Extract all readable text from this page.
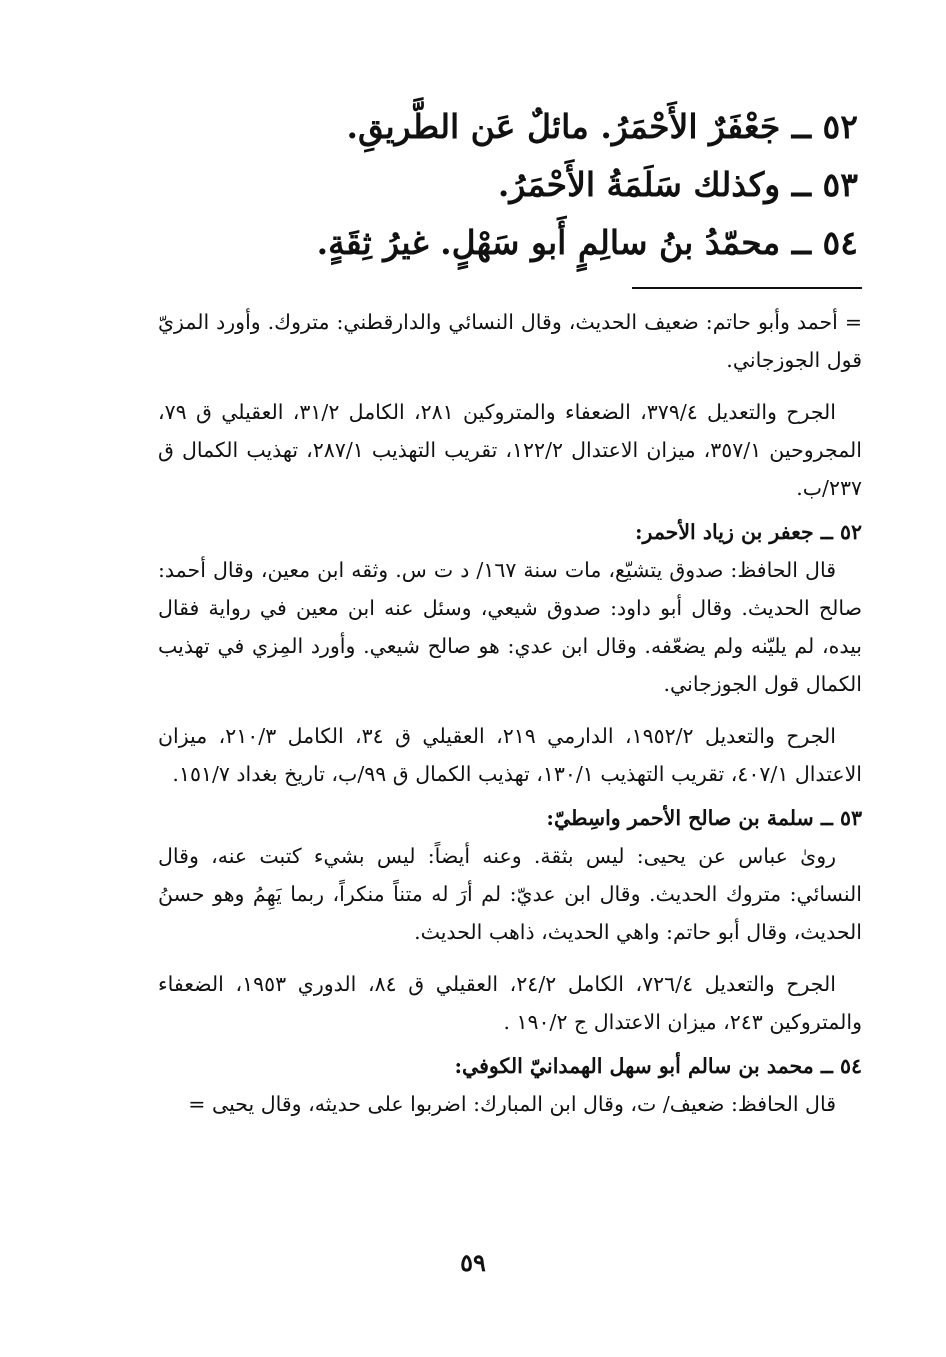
٥٢ ــ جَعْفَرٌ الأَحْمَرُ. مائلٌ عَن الطَّريقِ.
٥٣ ــ وكذلك سَلَمَةُ الأَحْمَرُ.
٥٤ ــ محمّدُ بنُ سالِمٍ أَبو سَهْلٍ. غيرُ ثِقَةٍ.

= أحمد وأبو حاتم: ضعيف الحديث، وقال النسائي والدارقطني: متروك. وأورد المزيّ قول الجوزجاني.

الجرح والتعديل ٣٧٩/٤، الضعفاء والمتروكين ٢٨١، الكامل ٣١/٢، العقيلي ق ٧٩، المجروحين ٣٥٧/١، ميزان الاعتدال ١٢٢/٢، تقريب التهذيب ٢٨٧/١، تهذيب الكمال ق ٢٣٧/ب.

٥٢ ــ جعفر بن زياد الأحمر:

قال الحافظ: صدوق يتشيّع، مات سنة ١٦٧/ د ت س. وثقه ابن معين، وقال أحمد: صالح الحديث. وقال أبو داود: صدوق شيعي، وسئل عنه ابن معين في رواية فقال بيده، لم يليّنه ولم يضعّفه. وقال ابن عدي: هو صالح شيعي. وأورد المِزي في تهذيب الكمال قول الجوزجاني.

الجرح والتعديل ١٩٥٢/٢، الدارمي ٢١٩، العقيلي ق ٣٤، الكامل ٢١٠/٣، ميزان الاعتدال ٤٠٧/١، تقريب التهذيب ١٣٠/١، تهذيب الكمال ق ٩٩/ب، تاريخ بغداد ١٥١/٧.

٥٣ ــ سلمة بن صالح الأحمر واسِطيّ:

روىٰ عباس عن يحيى: ليس بثقة. وعنه أيضاً: ليس بشيء كتبت عنه، وقال النسائي: متروك الحديث. وقال ابن عديّ: لم أرَ له متناً منكراً، ربما يَهِمُ وهو حسنُ الحديث، وقال أبو حاتم: واهي الحديث، ذاهب الحديث.

الجرح والتعديل ٧٢٦/٤، الكامل ٢٤/٢، العقيلي ق ٨٤، الدوري ١٩٥٣، الضعفاء والمتروكين ٢٤٣، ميزان الاعتدال ج ١٩٠/٢ .

٥٤ ــ محمد بن سالم أبو سهل الهمدانيّ الكوفي:

قال الحافظ: ضعيف/ ت، وقال ابن المبارك: اضربوا على حديثه، وقال يحيى =

٥٩
